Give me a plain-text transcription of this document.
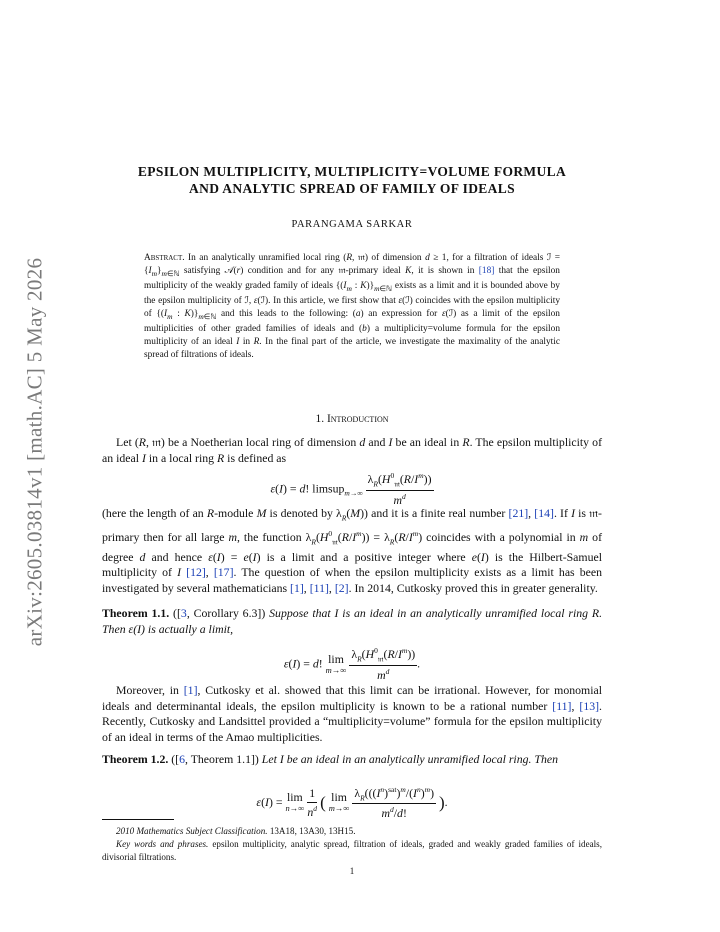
arXiv:2605.03814v1 [math.AC] 5 May 2026
EPSILON MULTIPLICITY, MULTIPLICITY=VOLUME FORMULA
AND ANALYTIC SPREAD OF FAMILY OF IDEALS
PARANGAMA SARKAR
Abstract. In an analytically unramified local ring (R, 𝔪) of dimension d ≥ 1, for a filtration of ideals ℐ = $\{I_m\}_{m\in ℕ}$ satisfying 𝒜(r) condition and for any 𝔪-primary ideal K, it is shown in [18] that the epsilon multiplicity of the weakly graded family of ideals {($I_m$ : $K)\}_{m\in ℕ}$ exists as a limit and it is bounded above by the epsilon multiplicity of ℐ, ε(ℐ). In this article, we first show that ε(ℐ) coincides with the epsilon multiplicity of {($I_m$ : $K)\}_{m\in ℕ}$ and this leads to the following: (a) an expression for ε(ℐ) as a limit of the epsilon multiplicities of other graded families of ideals and (b) a multiplicity=volume formula for the epsilon multiplicity of an ideal I in R. In the final part of the article, we investigate the maximality of the analytic spread of filtrations of ideals.
1. Introduction
Let (R, 𝔪) be a Noetherian local ring of dimension d and I be an ideal in R. The epsilon multiplicity of an ideal I in a local ring R is defined as
ε(I) = d! limsup$_{m\to\infty}$ $\frac{\lambda_R(H^0_𝔪(R/I^m))}{m^d}$
(here the length of an R-module M is denoted by $\lambda_R(M)$) and it is a finite real number [21], [14]. If I is 𝔪-primary then for all large m, the function $\lambda_R(H^0_𝔪(R/I^m)) = \lambda_R(R/I^m)$ coincides with a polynomial in m of degree d and hence ε(I) = e(I) is a limit and a positive integer where e(I) is the Hilbert-Samuel multiplicity of I [12], [17]. The question of when the epsilon multiplicity exists as a limit has been investigated by several mathematicians [1], [11], [2]. In 2014, Cutkosky proved this in greater generality.
Theorem 1.1. ([3, Corollary 6.3]) Suppose that I is an ideal in an analytically unramified local ring R. Then ε(I) is actually a limit,
ε(I) = d! lim
m→∞
$\frac{\lambda_R(H^0_𝔪(R/I^m))}{m^d}$ .
Moreover, in [1], Cutkosky et al. showed that this limit can be irrational. However, for monomial ideals and determinantal ideals, the epsilon multiplicity is known to be a rational number [11], [13]. Recently, Cutkosky and Landsittel provided a “multiplicity=volume” formula for the epsilon multiplicity of an ideal in terms of the Amao multiplicities.
Theorem 1.2. ([6, Theorem 1.1]) Let I be an ideal in an analytically unramified local ring. Then
ε(I) = lim
n→∞
$\frac{1}{n^d}$ ( lim
m→∞
$\frac{\lambda_R(((I^n)^{sat})^m/(I^n)^m)}{m^d/d!}$ ).
2010 Mathematics Subject Classification. 13A18, 13A30, 13H15.
Key words and phrases. epsilon multiplicity, analytic spread, filtration of ideals, graded and weakly graded families of ideals, divisorial filtrations.
1
